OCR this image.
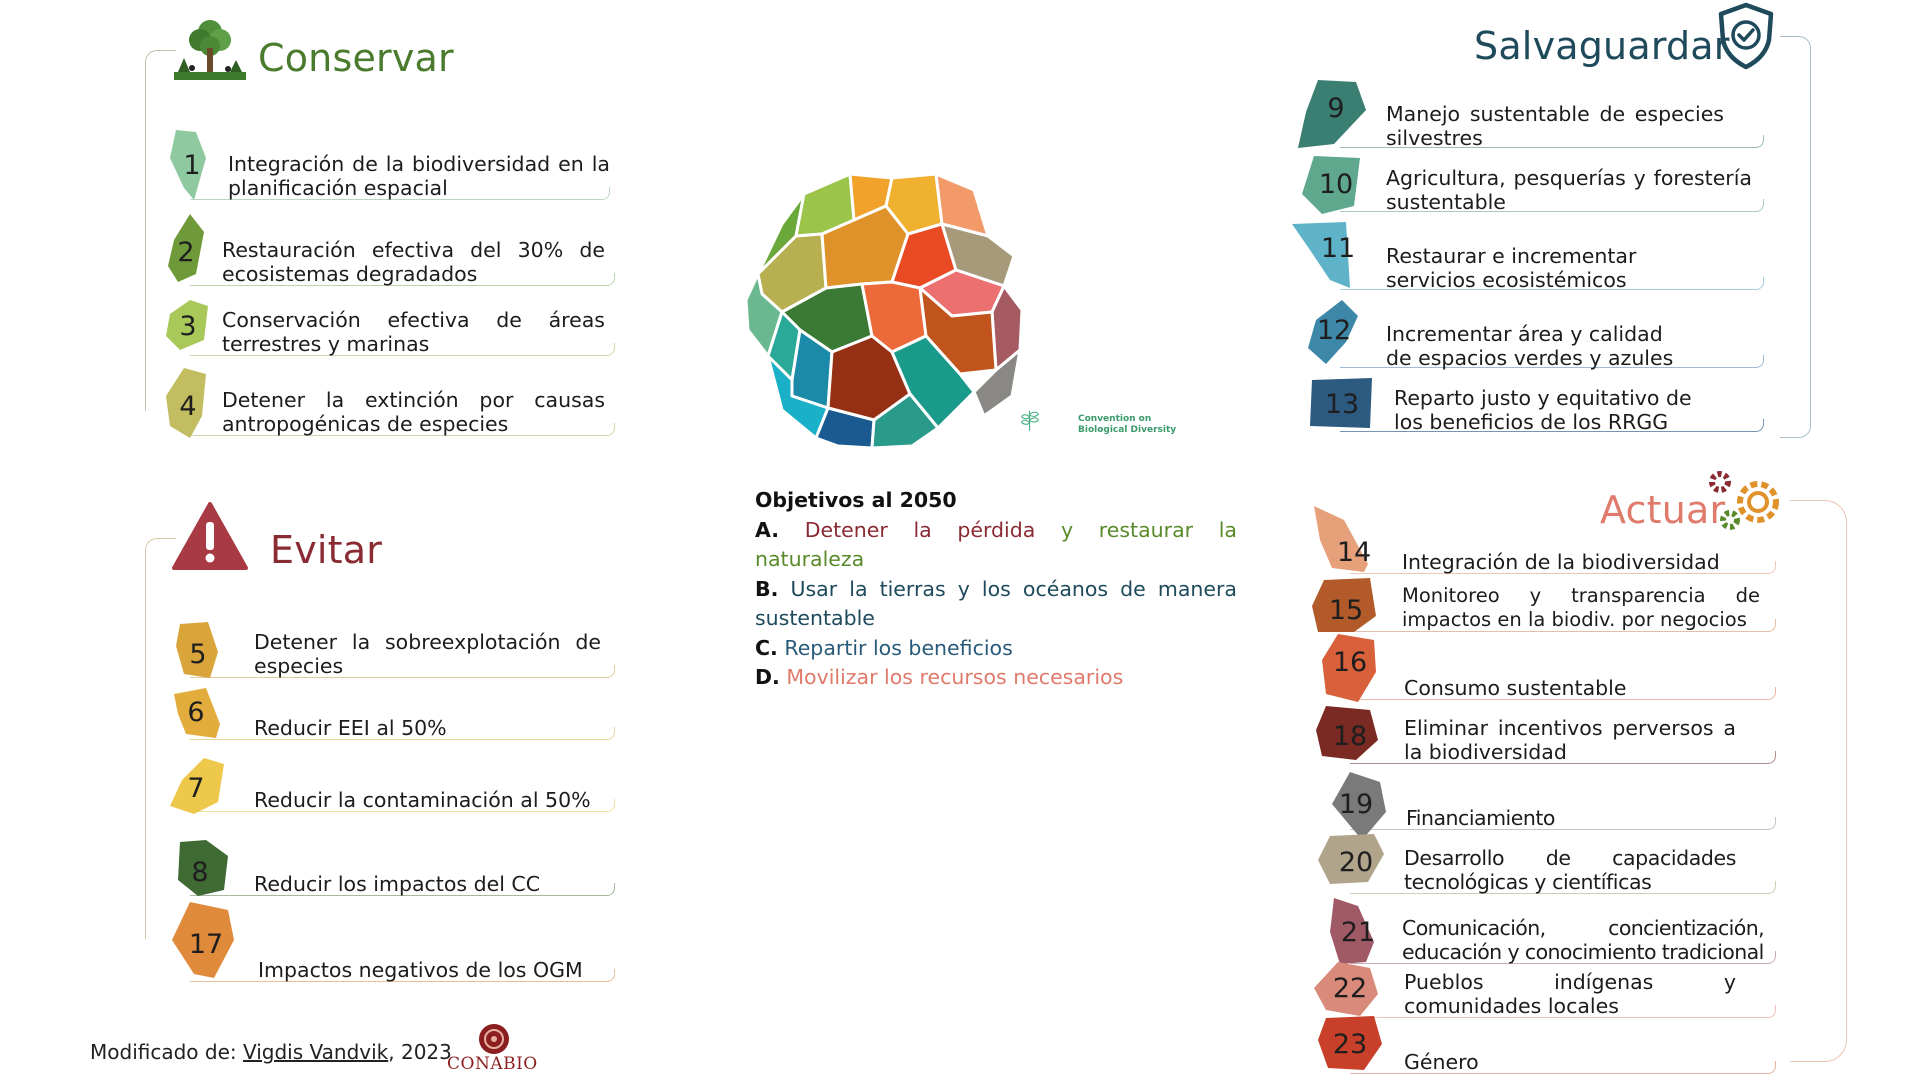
Conservar
Integración de la biodiversidad en la planificación espacial
1
Restauración efectiva del 30% de ecosistemas degradados
2
Conservación efectiva de áreas terrestres y marinas
3
Detener la extinción por causas antropogénicas de especies
4
Evitar
Detener la sobreexplotación de especies
5
Reducir EEI al 50%
6
Reducir la contaminación al 50%
7
Reducir los impactos del CC
8
Impactos negativos de los OGM
17
Convention on
Biological Diversity

Objetivos al 2050

A. Detener la pérdida y restaurar la naturaleza

B. Usar la tierras y los océanos de manera sustentable

C. Repartir los beneficios

D. Movilizar los recursos necesarios

Salvaguardar
Manejo sustentable de especies silvestres
9
Agricultura, pesquerías y forestería sustentable
10
Restaurar e incrementar servicios ecosistémicos
11
Incrementar área y calidad de espacios verdes y azules
12
Reparto justo y equitativo de los beneficios de los RRGG
13
Actuar
Integración de la biodiversidad
14
Monitoreo y transparencia de impactos en la biodiv. por negocios
15
Consumo sustentable
16
Eliminar incentivos perversos a la biodiversidad
18
Financiamiento
19
Desarrollo de capacidades tecnológicas y científicas
20
Comunicación, concientización, educación y conocimiento tradicional
21
Pueblos indígenas y comunidades locales
22
Género
23
Modificado de: Vigdis Vandvik, 2023
CONABIO
